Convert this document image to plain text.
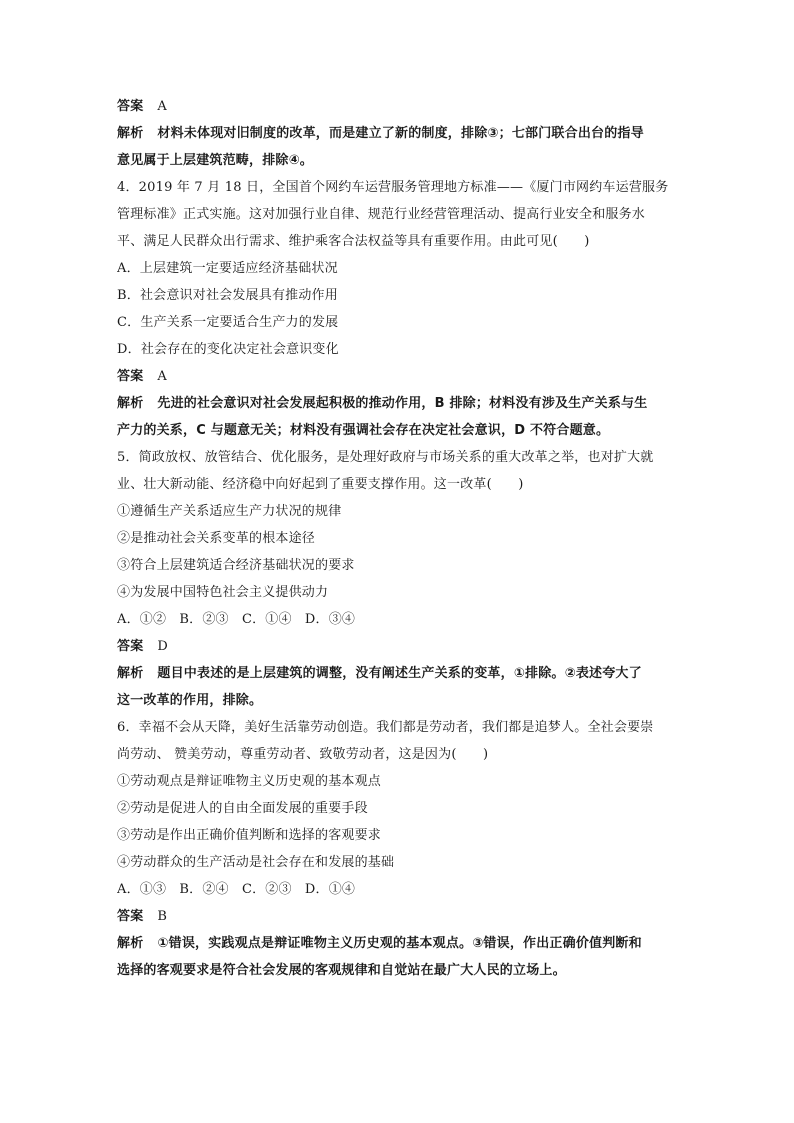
答案 A
解析 材料未体现对旧制度的改革，而是建立了新的制度，排除③；七部门联合出台的指导
意见属于上层建筑范畴，排除④。
4．2019 年 7 月 18 日，全国首个网约车运营服务管理地方标准——《厦门市网约车运营服务
管理标准》正式实施。这对加强行业自律、规范行业经营管理活动、提高行业安全和服务水
平、满足人民群众出行需求、维护乘客合法权益等具有重要作用。由此可见(　　)
A．上层建筑一定要适应经济基础状况
B．社会意识对社会发展具有推动作用
C．生产关系一定要适合生产力的发展
D．社会存在的变化决定社会意识变化
答案 A
解析 先进的社会意识对社会发展起积极的推动作用，B 排除；材料没有涉及生产关系与生
产力的关系，C 与题意无关；材料没有强调社会存在决定社会意识，D 不符合题意。
5．简政放权、放管结合、优化服务，是处理好政府与市场关系的重大改革之举，也对扩大就
业、壮大新动能、经济稳中向好起到了重要支撑作用。这一改革(　　)
①遵循生产关系适应生产力状况的规律
②是推动社会关系变革的根本途径
③符合上层建筑适合经济基础状况的要求
④为发展中国特色社会主义提供动力
A．①②　B．②③　C．①④　D．③④
答案 D
解析 题目中表述的是上层建筑的调整，没有阐述生产关系的变革，①排除。②表述夸大了
这一改革的作用，排除。
6．幸福不会从天降，美好生活靠劳动创造。我们都是劳动者，我们都是追梦人。全社会要崇
尚劳动、 赞美劳动，尊重劳动者、致敬劳动者，这是因为(　　)
①劳动观点是辩证唯物主义历史观的基本观点
②劳动是促进人的自由全面发展的重要手段
③劳动是作出正确价值判断和选择的客观要求
④劳动群众的生产活动是社会存在和发展的基础
A．①③　B．②④　C．②③　D．①④
答案 B
解析 ①错误，实践观点是辩证唯物主义历史观的基本观点。③错误，作出正确价值判断和
选择的客观要求是符合社会发展的客观规律和自觉站在最广大人民的立场上。
